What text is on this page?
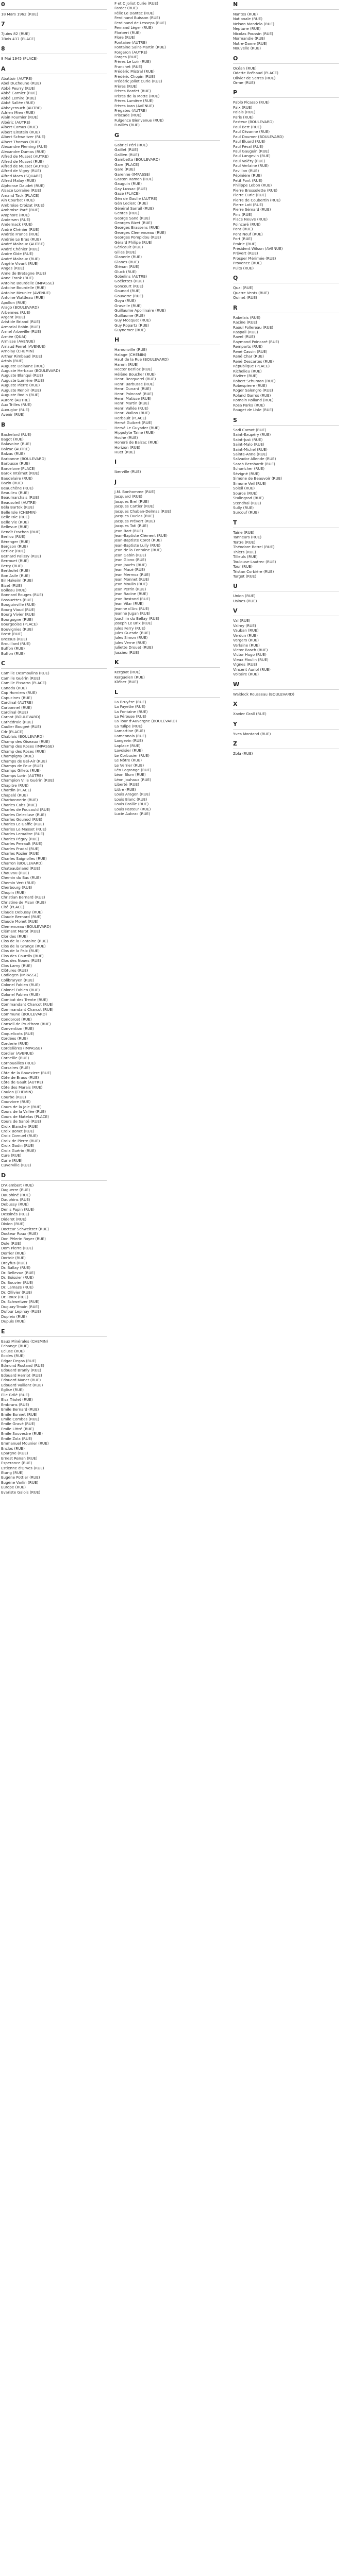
0
18 Mars 1962 (RUE)
7
7Juins 82 (RUE)
7Bois 437 (PLACE)
8
8 Mai 1945 (PLACE)
A
Abattoir (AUTRE)
Abel Ducheune (RUE)
Abbé Peurry (RUE)
Abbé Garnier (RUE)
Abbé Lemire (RUE)
Abbé Sallée (RUE)
Abbeycrouch (AUTRE)
Adrien Mien (RUE)
Alain Fournier (RUE)
Albéric (AUTRE)
Albert Camus (RUE)
Albert Einstein (RUE)
Albert Schweitzer (RUE)
Albert Thomas (RUE)
Alexandre Fleming (RUE)
Alexandre Dumas (RUE)
Alfred de Musset (AUTRE)
Alfred de Musset (RUE)
Alfred de Musset (AUTRE)
Alfred de Vigny (RUE)
Alfred Maes (SQUARE)
Alfred Malay (RUE)
Alphonse Daudet (RUE)
Alsace Lorraine (RUE)
Amand Tack (PLACE)
Ain Courbet (RUE)
Ambroise Croizat (RUE)
Ambroise Paré (RUE)
Amphore (RUE)
Andersen (RUE)
Andernack (RUE)
André Chénier (RUE)
Andrée France (RUE)
Andrée Le Bras (RUE)
André Malraux (AUTRE)
André Chénier (RUE)
Andre Gide (RUE)
André Malraux (RUE)
Angéle Vivant (RUE)
Anges (RUE)
Anne de Bretagne (RUE)
Anne Frank (RUE)
Antoine Bourdelle (IMPASSE)
Antoine Bourdelle (RUE)
Antoine Meunier (AVENUE)
Antoine Wattleau (RUE)
Apollon (RUE)
Arago (BOULEVARD)
Arbennes (RUE)
Argent (RUE)
Aristide Briand (RUE)
Armorial Robin (RUE)
Armel Arbeville (RUE)
Armée (QUAI)
Armisse (AVENUE)
Arnaud Ferret (AVENUE)
Arnolay (CHEMIN)
Arthur Rimbaud (RUE)
Artois (RUE)
Auguste Delaune (RUE)
Auguste Herbaux (BOULEVARD)
Auguste Blanqui (RUE)
Auguste Lumière (RUE)
Auguste Pierre (RUE)
Auguste Renoir (RUE)
Auguste Rodin (RUE)
Aurore (AUTRE)
Aux Trilles (RUE)
Auxugiar (RUE)
Avenir (RUE)
B
Bachelard (RUE)
Bagot (RUE)
Balavoine (RUE)
Balzac (AUTRE)
Balzac (RUE)
Barbanne (BOULEVARD)
Barbusse (RUE)
Barcelone (PLACE)
Barok Intérnet (RUE)
Baudelaire (RUE)
Bazin (RUE)
Beauchêne (RUE)
Beaulieu (RUE)
Beaumarchais (RUE)
Beausoleil (AUTRE)
Béla Bartok (RUE)
Belle Isle (CHEMIN)
Belle Isle (RUE)
Belle Vie (RUE)
Bellevue (RUE)
Benoît Frachon (RUE)
Berlioz (RUE)
Bérenger (RUE)
Bergson (RUE)
Berlioz (RUE)
Bernard Palissy (RUE)
Berrouet (RUE)
Berry (RUE)
Bertholet (RUE)
Bon Asile (RUE)
Bir Hakeim (RUE)
Bizet (RUE)
Boileau (RUE)
Bonnard Rouges (RUE)
Bossuettes (RUE)
Bouguinville (RUE)
Bourg Viaud (RUE)
Bourg Vivier (RUE)
Bourgogne (RUE)
Bourgeoise (PLACE)
Bouvignies (RUE)
Brest (RUE)
Brossus (RUE)
Brouillard (RUE)
Buffon (RUE)
Buffon (RUE)
C
Camille Desmoulins (RUE)
Camille Guérin (RUE)
Camille Pissarro (PLACE)
Canada (RUE)
Cap Horniers (RUE)
Capucines (RUE)
Cardinal (AUTRE)
Carbonnel (RUE)
Cardinal (RUE)
Carnot (BOULEVARD)
Cathédrale (RUE)
Caulier Bougeé (RUE)
Cdr (PLACE)
Chablais (BOULEVARD)
Champ des Oiseaux (RUE)
Champ des Roses (IMPASSE)
Champ des Roses (RUE)
Champigny (RUE)
Champs de Bel-Air (RUE)
Champs de Peur (RUE)
Champs Gillets (RUE)
Champs Lorin (AUTRE)
Champion Ville Guérin (RUE)
Chapitre (RUE)
Chardin (PLACE)
Chapelé (RUE)
Charbonnerie (RUE)
Charles Cabs (RUE)
Charles de Foucauld (RUE)
Charles Delecluse (RUE)
Charles Gounod (RUE)
Charles Le Gaffic (RUE)
Charles Le Masset (RUE)
Charles Lemaitre (RUE)
Charles Péguy (RUE)
Charles Perrault (RUE)
Charles Pradal (RUE)
Charles Rozier (RUE)
Charles Saignolles (RUE)
Charron (BOULEVARD)
Chateaubriand (RUE)
Chauvau (RUE)
Chemin du Bac (RUE)
Chemin Vert (RUE)
Cherbourg (RUE)
Chopin (RUE)
Christian Bernard (RUE)
Christine de Pizan (RUE)
Cité (PLACE)
Claude Debussy (RUE)
Claude Bernard (RUE)
Claude Monet (RUE)
Clemenceau (BOULEVARD)
Clément Marot (RUE)
Clorides (RUE)
Clos de la Fontaine (RUE)
Clos de la Grange (RUE)
Clos de la Paix (RUE)
Clos des Courtils (RUE)
Clos des Noues (RUE)
Clos Lamy (RUE)
Clôtures (RUE)
Codlogen (IMPASSE)
Colibraryen (RUE)
Colonel Fabien (RUE)
Colonel Fabien (RUE)
Colonel Fabien (RUE)
Combat des Trente (RUE)
Commandant Charcot (RUE)
Commandant Charcot (RUE)
Commune (BOULEVARD)
Condorcet (RUE)
Conseil de Prud'hom (RUE)
Convention (RUE)
Coquelicots (RUE)
Cordées (RUE)
Corderie (RUE)
Cordelières (IMPASSE)
Cordier (AVENUE)
Corneille (RUE)
Cornouailles (RUE)
Corsaires (RUE)
Côte de la Bouexiere (RUE)
Côte de Braus (RUE)
Côte de Gault (AUTRE)
Côte des Marais (RUE)
Coulon (CHEMIN)
Courbe (RUE)
Courvivre (RUE)
Cours de la Joie (RUE)
Cours de la Vallée (RUE)
Cours de Matelas (PLACE)
Cours de Santé (RUE)
Croix Blanche (RUE)
Croix Bonet (RUE)
Croix Cornuel (RUE)
Croix de Pierre (RUE)
Croix Gadin (RUE)
Croix Guérin (RUE)
Cure (RUE)
Curie (RUE)
Cuverville (RUE)
D
D'Alembert (RUE)
Daguerre (RUE)
Dauphiné (RUE)
Dauphins (RUE)
Debussy (RUE)
Denis Papin (RUE)
Dessinés (RUE)
Diderot (RUE)
Divion (RUE)
Docteur Schweitzer (RUE)
Docteur Roux (RUE)
Don Pèlerin Royer (RUE)
Dole (RUE)
Dom Pierre (RUE)
Dorrier (RUE)
Dortoir (RUE)
Dreyfus (RUE)
Dr. Ballay (RUE)
Dr. Bellevue (RUE)
Dr. Boissier (RUE)
Dr. Bouvier (RUE)
Dr. Lamaze (RUE)
Dr. Ollivier (RUE)
Dr. Roux (RUE)
Dr. Schweitzer (RUE)
Duguay-Trouin (RUE)
Dufour Lepinay (RUE)
Dupleix (RUE)
Dupuis (RUE)
E
Eaux Minérales (CHEMIN)
Echange (RUE)
Ecluse (RUE)
Ecoles (RUE)
Edgar Degas (RUE)
Edmond Rostand (RUE)
Edouard Branly (RUE)
Edouard Herriot (RUE)
Edouard Manet (RUE)
Edouard Vaillant (RUE)
Eglise (RUE)
Elie Grilé (RUE)
Elsa Triolet (RUE)
Embruns (RUE)
Emile Bernard (RUE)
Emile Bonnet (RUE)
Emile Combes (RUE)
Emile Gravé (RUE)
Emile Littré (RUE)
Emile Souvestre (RUE)
Emile Zola (RUE)
Emmanuel Mounier (RUE)
Enclos (RUE)
Epargne (RUE)
Ernest Renan (RUE)
Esperance (RUE)
Estienne d'Orves (RUE)
Etang (RUE)
Eugène Pottier (RUE)
Eugène Varlin (RUE)
Europe (RUE)
Evariste Galois (RUE)
F et C Joliot Curie (RUE)
Fardet (RUE)
Félix Le Dantec (RUE)
Ferdinand Buisson (RUE)
Ferdinand de Lesseps (RUE)
Fernand Léger (RUE)
Florbert (RUE)
Flore (RUE)
Fontaine (AUTRE)
Fontaine Saint-Martin (RUE)
Forgeron (AUTRE)
Forges (RUE)
Frères Le Loir (RUE)
Franchet (RUE)
Frédéric Mistral (RUE)
Frédéric Chopin (RUE)
Frédéric Joliot Curie (RUE)
Frères (RUE)
Frères Bardet (RUE)
Frères de la Motte (RUE)
Frères Lumière (RUE)
Frères Ivan (AVENUE)
Frégates (AUTRE)
Friscade (RUE)
Fulgence Bienvenue (RUE)
Fusillés (RUE)
G
Gabriel Péri (RUE)
Gaillet (RUE)
Gallien (RUE)
Gambetta (BOULEVARD)
Gare (PLACE)
Gare (RUE)
Garenne (IMPASSE)
Gaston Ramon (RUE)
Gauguin (RUE)
Gay Lussac (RUE)
Gaze (PLACE)
Gén de Gaulle (AUTRE)
Gén Leclerc (RUE)
Général Sarrail (RUE)
Gentes (RUE)
George Sand (RUE)
Georges Bizet (RUE)
Georges Brassens (RUE)
Georges Clemenceau (RUE)
Georges Pompidou (RUE)
Gérard Philipe (RUE)
Géricault (RUE)
Gilles (RUE)
Glanerie (RUE)
Glanes (RUE)
Glénan (RUE)
Gluck (RUE)
Gobelins (AUTRE)
Goélettes (RUE)
Goncourt (RUE)
Gounod (RUE)
Gouverre (RUE)
Goya (RUE)
Gravelle (RUE)
Guillaume Apollinaire (RUE)
Guillaume (RUE)
Guy Mocquet (RUE)
Guy Ropartz (RUE)
Guynemer (RUE)
H
Hamonville (RUE)
Halage (CHEMIN)
Haut de la Rue (BOULEVARD)
Hamm (RUE)
Hector Berlioz (RUE)
Hélène Boucher (RUE)
Henri Becquerel (RUE)
Henri Barbusse (RUE)
Henri Dunant (RUE)
Henri Poincaré (RUE)
Henri Matisse (RUE)
Henri Martin (RUE)
Henri Vallée (RUE)
Henri Wallon (RUE)
Herbault (PLACE)
Hervé Guibert (RUE)
Hervé Le Guyader (RUE)
Hippolyte Taine (RUE)
Hoche (RUE)
Honoré de Balzac (RUE)
Horizon (RUE)
Huet (RUE)
I
Iberville (RUE)
J
J.M. Bonhomme (RUE)
Jacquard (RUE)
Jacques Brel (RUE)
Jacques Cartier (RUE)
Jacques Chaban-Delmas (RUE)
Jacques Duclos (RUE)
Jacques Prévert (RUE)
Jacques Tati (RUE)
Jean Bart (RUE)
Jean-Baptiste Clément (RUE)
Jean-Baptiste Corot (RUE)
Jean-Baptiste Lully (RUE)
Jean de la Fontaine (RUE)
Jean Gabin (RUE)
Jean Giono (RUE)
Jean Jaurès (RUE)
Jean Macé (RUE)
Jean Mermoz (RUE)
Jean Monnet (RUE)
Jean Moulin (RUE)
Jean Perrin (RUE)
Jean Racine (RUE)
Jean Rostand (RUE)
Jean Vilar (RUE)
Jeanne d'Arc (RUE)
Jeanne Jugan (RUE)
Joachim du Bellay (RUE)
Joseph Le Brix (RUE)
Jules Ferry (RUE)
Jules Guesde (RUE)
Jules Simon (RUE)
Jules Verne (RUE)
Juliette Drouet (RUE)
Jussieu (RUE)
K
Kergoat (RUE)
Kerguelen (RUE)
Kléber (RUE)
L
La Bruyère (RUE)
La Fayette (RUE)
La Fontaine (RUE)
La Pérouse (RUE)
La Tour d'Auvergne (BOULEVARD)
La Tulipe (RUE)
Lamartine (RUE)
Lamennais (RUE)
Langevin (RUE)
Laplace (RUE)
Lavoisier (RUE)
Le Corbusier (RUE)
Le Nôtre (RUE)
Le Verrier (RUE)
Léo Lagrange (RUE)
Léon Blum (RUE)
Léon Jouhaux (RUE)
Liberté (RUE)
Littré (RUE)
Louis Aragon (RUE)
Louis Blanc (RUE)
Louis Braille (RUE)
Louis Pasteur (RUE)
Lucie Aubrac (RUE)
N
Nantes (RUE)
Nationale (RUE)
Nelson Mandela (RUE)
Neptune (RUE)
Nicolas Poussin (RUE)
Normandie (RUE)
Notre-Dame (RUE)
Nouvelle (RUE)
O
Océan (RUE)
Odette Bréhaud (PLACE)
Olivier de Serres (RUE)
Orme (RUE)
P
Pablo Picasso (RUE)
Paix (RUE)
Palais (RUE)
Paris (RUE)
Pasteur (BOULEVARD)
Paul Bert (RUE)
Paul Cézanne (RUE)
Paul Doumer (BOULEVARD)
Paul Éluard (RUE)
Paul Féval (RUE)
Paul Gauguin (RUE)
Paul Langevin (RUE)
Paul Valéry (RUE)
Paul Verlaine (RUE)
Pavillon (RUE)
Pépinière (RUE)
Petit Pont (RUE)
Philippe Lebon (RUE)
Pierre Brossolette (RUE)
Pierre Curie (RUE)
Pierre de Coubertin (RUE)
Pierre Loti (RUE)
Pierre Sémard (RUE)
Pins (RUE)
Place Neuve (RUE)
Poincaré (RUE)
Pont (RUE)
Pont Neuf (RUE)
Port (RUE)
Prairie (RUE)
Président Wilson (AVENUE)
Prévert (RUE)
Prosper Mérimée (RUE)
Provence (RUE)
Puits (RUE)
Q
Quai (RUE)
Quatre Vents (RUE)
Quinet (RUE)
R
Rabelais (RUE)
Racine (RUE)
Raoul Follereau (RUE)
Raspail (RUE)
Ravel (RUE)
Raymond Poincaré (RUE)
Remparts (RUE)
René Cassin (RUE)
René Char (RUE)
René Descartes (RUE)
République (PLACE)
Richelieu (RUE)
Rivière (RUE)
Robert Schuman (RUE)
Robespierre (RUE)
Roger Salengro (RUE)
Roland Garros (RUE)
Romain Rolland (RUE)
Rosa Parks (RUE)
Rouget de Lisle (RUE)
S
Sadi Carnot (RUE)
Saint-Exupéry (RUE)
Saint-Just (RUE)
Saint-Malo (RUE)
Saint-Michel (RUE)
Sainte-Anne (RUE)
Salvador Allende (RUE)
Sarah Bernhardt (RUE)
Schœlcher (RUE)
Sévigné (RUE)
Simone de Beauvoir (RUE)
Simone Veil (RUE)
Soleil (RUE)
Source (RUE)
Stalingrad (RUE)
Stendhal (RUE)
Sully (RUE)
Surcouf (RUE)
T
Taine (RUE)
Tanneurs (RUE)
Tertre (RUE)
Théodore Botrel (RUE)
Thiers (RUE)
Tilleuls (RUE)
Toulouse-Lautrec (RUE)
Tour (RUE)
Tristan Corbière (RUE)
Turgot (RUE)
U
Union (RUE)
Usines (RUE)
V
Val (RUE)
Valmy (RUE)
Vauban (RUE)
Verdun (RUE)
Vergers (RUE)
Verlaine (RUE)
Victor Basch (RUE)
Victor Hugo (RUE)
Vieux Moulin (RUE)
Vignes (RUE)
Vincent Auriol (RUE)
Voltaire (RUE)
W
Waldeck Rousseau (BOULEVARD)
X
Xavier Grall (RUE)
Y
Yves Montand (RUE)
Z
Zola (RUE)
